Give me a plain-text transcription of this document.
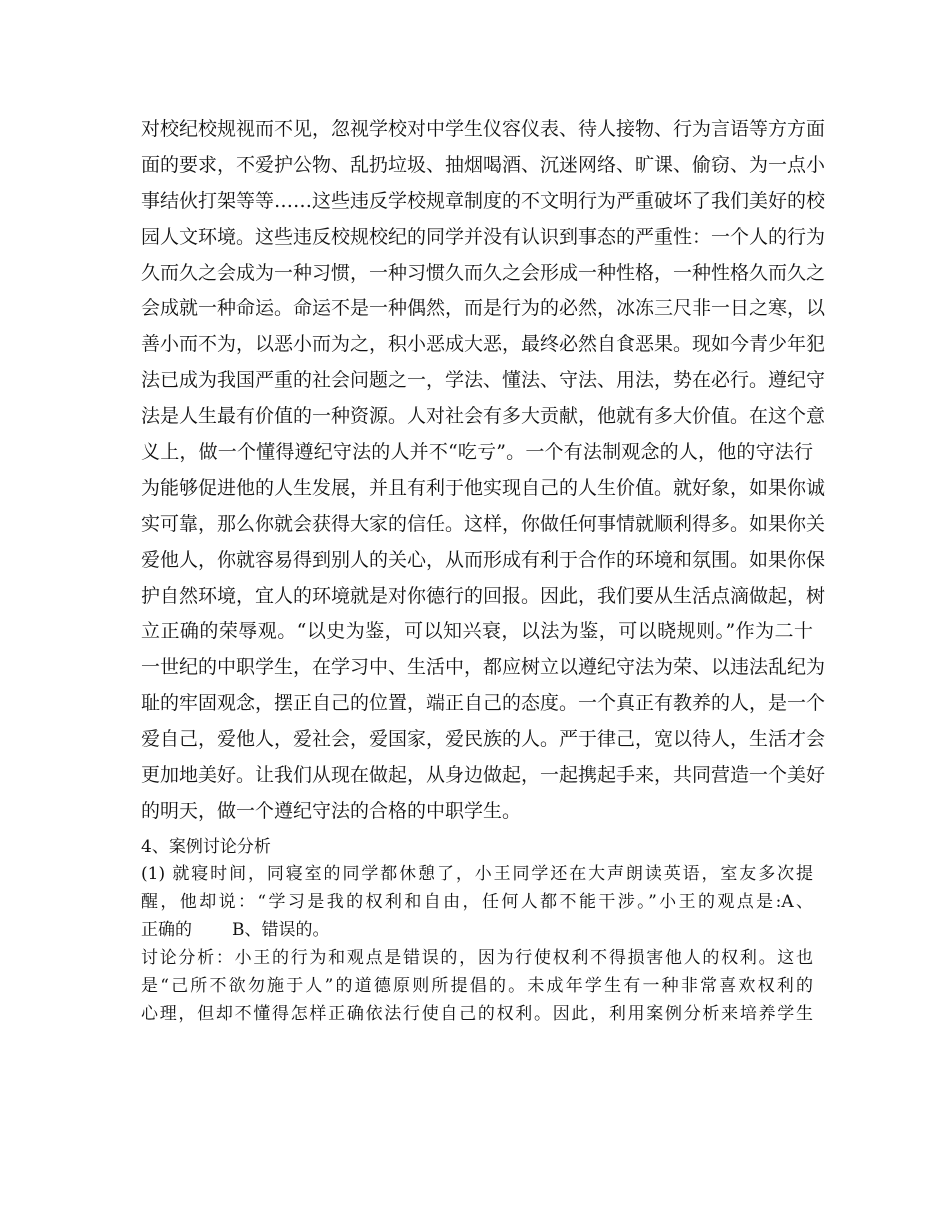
对校纪校规视而不见，忽视学校对中学生仪容仪表、待人接物、行为言语等方方面
面的要求，不爱护公物、乱扔垃圾、抽烟喝酒、沉迷网络、旷课、偷窃、为一点小
事结伙打架等等……这些违反学校规章制度的不文明行为严重破坏了我们美好的校
园人文环境。这些违反校规校纪的同学并没有认识到事态的严重性：一个人的行为
久而久之会成为一种习惯，一种习惯久而久之会形成一种性格，一种性格久而久之
会成就一种命运。命运不是一种偶然，而是行为的必然，冰冻三尺非一日之寒，以
善小而不为，以恶小而为之，积小恶成大恶，最终必然自食恶果。现如今青少年犯
法已成为我国严重的社会问题之一，学法、懂法、守法、用法，势在必行。遵纪守
法是人生最有价值的一种资源。人对社会有多大贡献，他就有多大价值。在这个意
义上，做一个懂得遵纪守法的人并不“吃亏”。一个有法制观念的人，他的守法行
为能够促进他的人生发展，并且有利于他实现自己的人生价值。就好象，如果你诚
实可靠，那么你就会获得大家的信任。这样，你做任何事情就顺利得多。如果你关
爱他人，你就容易得到别人的关心，从而形成有利于合作的环境和氛围。如果你保
护自然环境，宜人的环境就是对你德行的回报。因此，我们要从生活点滴做起，树
立正确的荣辱观。“以史为鉴，可以知兴衰，以法为鉴，可以晓规则。”作为二十
一世纪的中职学生，在学习中、生活中，都应树立以遵纪守法为荣、以违法乱纪为
耻的牢固观念，摆正自己的位置，端正自己的态度。一个真正有教养的人，是一个
爱自己，爱他人，爱社会，爱国家，爱民族的人。严于律己，宽以待人，生活才会
更加地美好。让我们从现在做起，从身边做起，一起携起手来，共同营造一个美好
的明天，做一个遵纪守法的合格的中职学生。
4、案例讨论分析
(1) 就寝时间，同寝室的同学都休憩了，小王同学还在大声朗读英语，室友多次提
醒，他却说：“学习是我的权利和自由，任何人都不能干涉。”小王的观点是:A、
正确的 B、错误的。
讨论分析：小王的行为和观点是错误的，因为行使权利不得损害他人的权利。这也
是“己所不欲勿施于人”的道德原则所提倡的。未成年学生有一种非常喜欢权利的
心理，但却不懂得怎样正确依法行使自己的权利。因此，利用案例分析来培养学生
